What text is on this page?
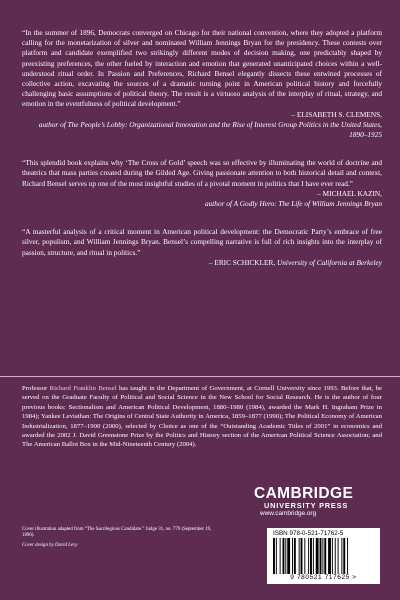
“In the summer of 1896, Democrats converged on Chicago for their national convention, where they adopted a platform calling for the monetarization of silver and nominated William Jennings Bryan for the presidency. These contests over platform and candidate exemplified two strikingly different modes of decision making, one predictably shaped by preexisting preferences, the other fueled by interaction and emotion that generated unanticipated choices within a well-understood ritual order. In Passion and Preferences, Richard Bensel elegantly dissects these entwined processes of collective action, excavating the sources of a dramatic turning point in American political history and forcefully challenging basic assumptions of political theory. The result is a virtuoso analysis of the interplay of ritual, strategy, and emotion in the eventfulness of political development.”

– ELISABETH S. CLEMENS,

author of The People’s Lobby: Organizational Innovation and the Rise of Interest Group Politics in the United States, 1890–1925

“This splendid book explains why ‘The Cross of Gold’ speech was so effective by illuminating the world of doctrine and theatrics that mass parties created during the Gilded Age. Giving passionate attention to both historical detail and context, Richard Bensel serves up one of the most insightful studies of a pivotal moment in politics that I have ever read.”

– MICHAEL KAZIN,

author of A Godly Hero: The Life of William Jennings Bryan

“A masterful analysis of a critical moment in American political development: the Democratic Party’s embrace of free silver, populism, and William Jennings Bryan. Bensel’s compelling narrative is full of rich insights into the interplay of passion, structure, and ritual in politics.”

– ERIC SCHICKLER, University of California at Berkeley

Professor Richard Franklin Bensel has taught in the Department of Government, at Cornell University since 1993. Before that, he served on the Graduate Faculty of Political and Social Science in the New School for Social Research. He is the author of four previous books: Sectionalism and American Political Development, 1880–1980 (1984), awarded the Mark H. Ingraham Prize in 1984); Yankee Leviathan: The Origins of Central State Authority in America, 1859–1877 (1990); The Political Economy of American Industrialization, 1877–1900 (2000), selected by Choice as one of the “Outstanding Academic Titles of 2001” in economics and awarded the 2002 J. David Greenstone Prize by the Politics and History section of the American Political Science Association; and The American Ballot Box in the Mid-Nineteenth Century (2004).

CAMBRIDGE
UNIVERSITY PRESS
www.cambridge.org

Cover illustration adapted from “The Sacrilegious Candidate.” Judge 31, no. 779 (September 19, 1896).

Cover design by David Levy

ISBN 978-0-521-71762-5
9 780521 717625 >
